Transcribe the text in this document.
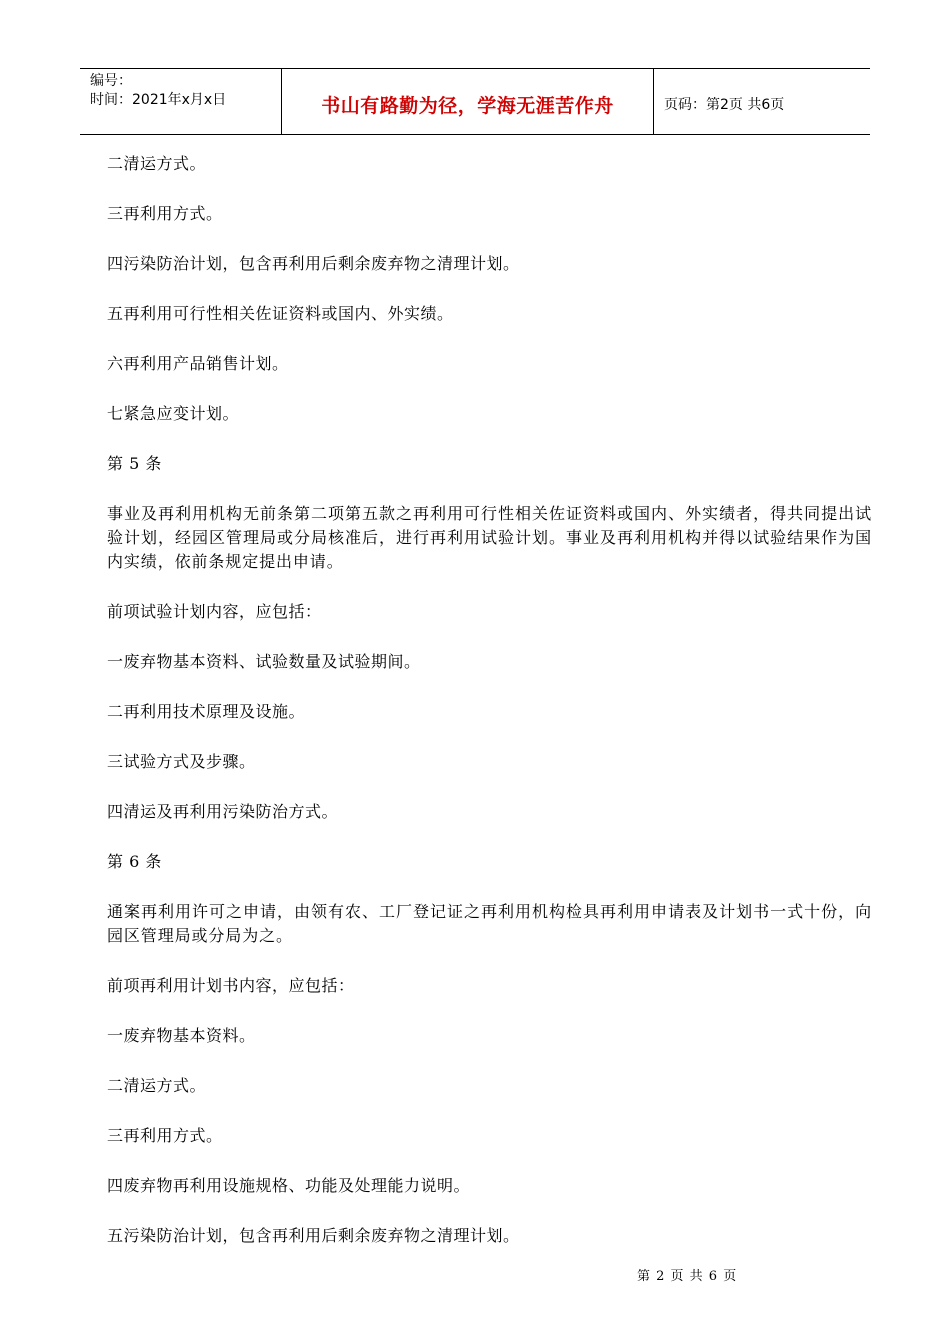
编号：
时间：2021年x月x日	书山有路勤为径，学海无涯苦作舟	页码：第2页 共6页

二清运方式。

三再利用方式。

四污染防治计划，包含再利用后剩余废弃物之清理计划。

五再利用可行性相关佐证资料或国内、外实绩。

六再利用产品销售计划。

七紧急应变计划。

第 5 条

事业及再利用机构无前条第二项第五款之再利用可行性相关佐证资料或国内、外实绩者，得共同提出试验计划，经园区管理局或分局核准后，进行再利用试验计划。事业及再利用机构并得以试验结果作为国内实绩，依前条规定提出申请。

前项试验计划内容，应包括：

一废弃物基本资料、试验数量及试验期间。

二再利用技术原理及设施。

三试验方式及步骤。

四清运及再利用污染防治方式。

第 6 条

通案再利用许可之申请，由领有农、工厂登记证之再利用机构检具再利用申请表及计划书一式十份，向园区管理局或分局为之。

前项再利用计划书内容，应包括：

一废弃物基本资料。

二清运方式。

三再利用方式。

四废弃物再利用设施规格、功能及处理能力说明。

五污染防治计划，包含再利用后剩余废弃物之清理计划。

第 2 页 共 6 页
